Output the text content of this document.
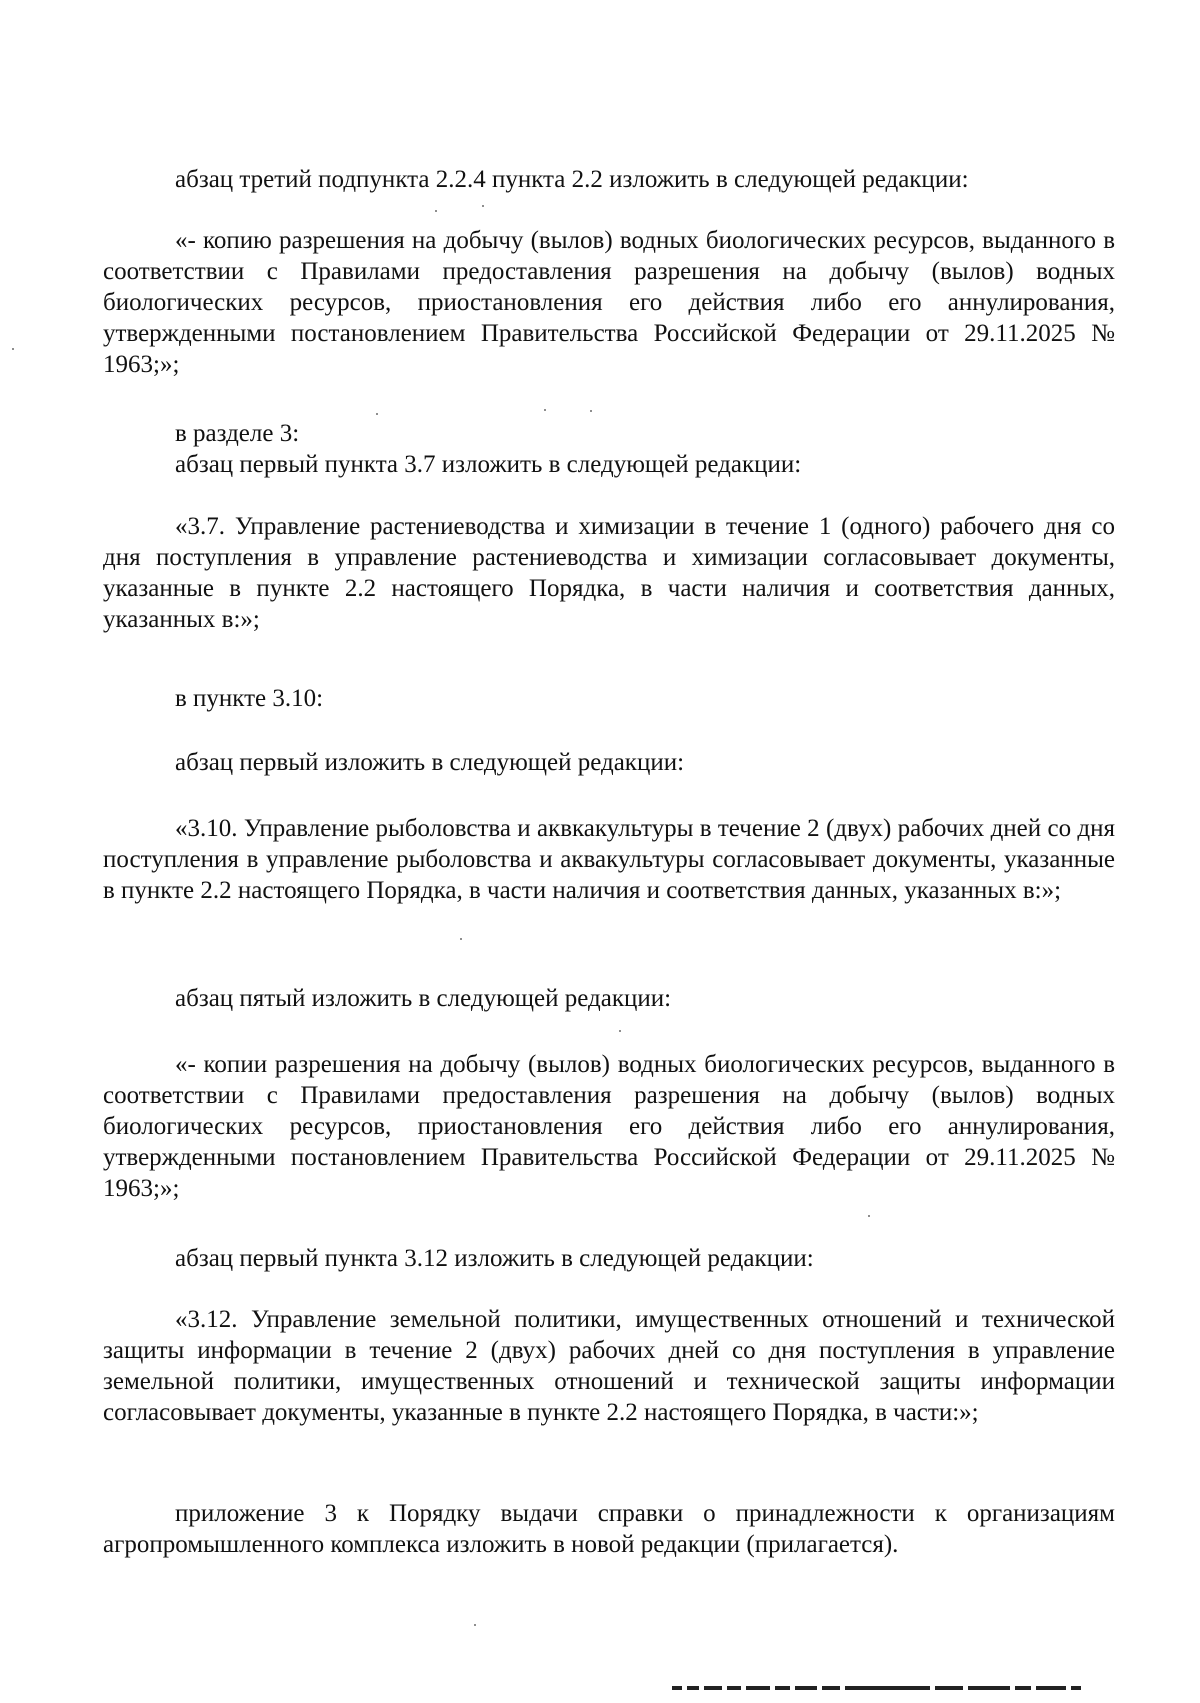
абзац третий подпункта 2.2.4 пункта 2.2 изложить в следующей редакции:

«- копию разрешения на добычу (вылов) водных биологических ресурсов, выданного в соответствии с Правилами предоставления разрешения на добычу (вылов) водных биологических ресурсов, приостановления его действия либо его аннулирования, утвержденными постановлением Правительства Российской Федерации от 29.11.2025 № 1963;»;

в разделе 3:

абзац первый пункта 3.7 изложить в следующей редакции:

«3.7. Управление растениеводства и химизации в течение 1 (одного) рабочего дня со дня поступления в управление растениеводства и химизации согласовывает документы, указанные в пункте 2.2 настоящего Порядка, в части наличия и соответствия данных, указанных в:»;

в пункте 3.10:

абзац первый изложить в следующей редакции:

«3.10. Управление рыболовства и аквкакультуры в течение 2 (двух) рабочих дней со дня поступления в управление рыболовства и аквакультуры согласовывает документы, указанные в пункте 2.2 настоящего Порядка, в части наличия и соответствия данных, указанных в:»;

абзац пятый изложить в следующей редакции:

«- копии разрешения на добычу (вылов) водных биологических ресурсов, выданного в соответствии с Правилами предоставления разрешения на добычу (вылов) водных биологических ресурсов, приостановления его действия либо его аннулирования, утвержденными постановлением Правительства Российской Федерации от 29.11.2025 № 1963;»;

абзац первый пункта 3.12 изложить в следующей редакции:

«3.12. Управление земельной политики, имущественных отношений и технической защиты информации в течение 2 (двух) рабочих дней со дня поступления в управление земельной политики, имущественных отношений и технической защиты информации согласовывает документы, указанные в пункте 2.2 настоящего Порядка, в части:»;

приложение 3 к Порядку выдачи справки о принадлежности к организациям агропромышленного комплекса изложить в новой редакции (прилагается).
